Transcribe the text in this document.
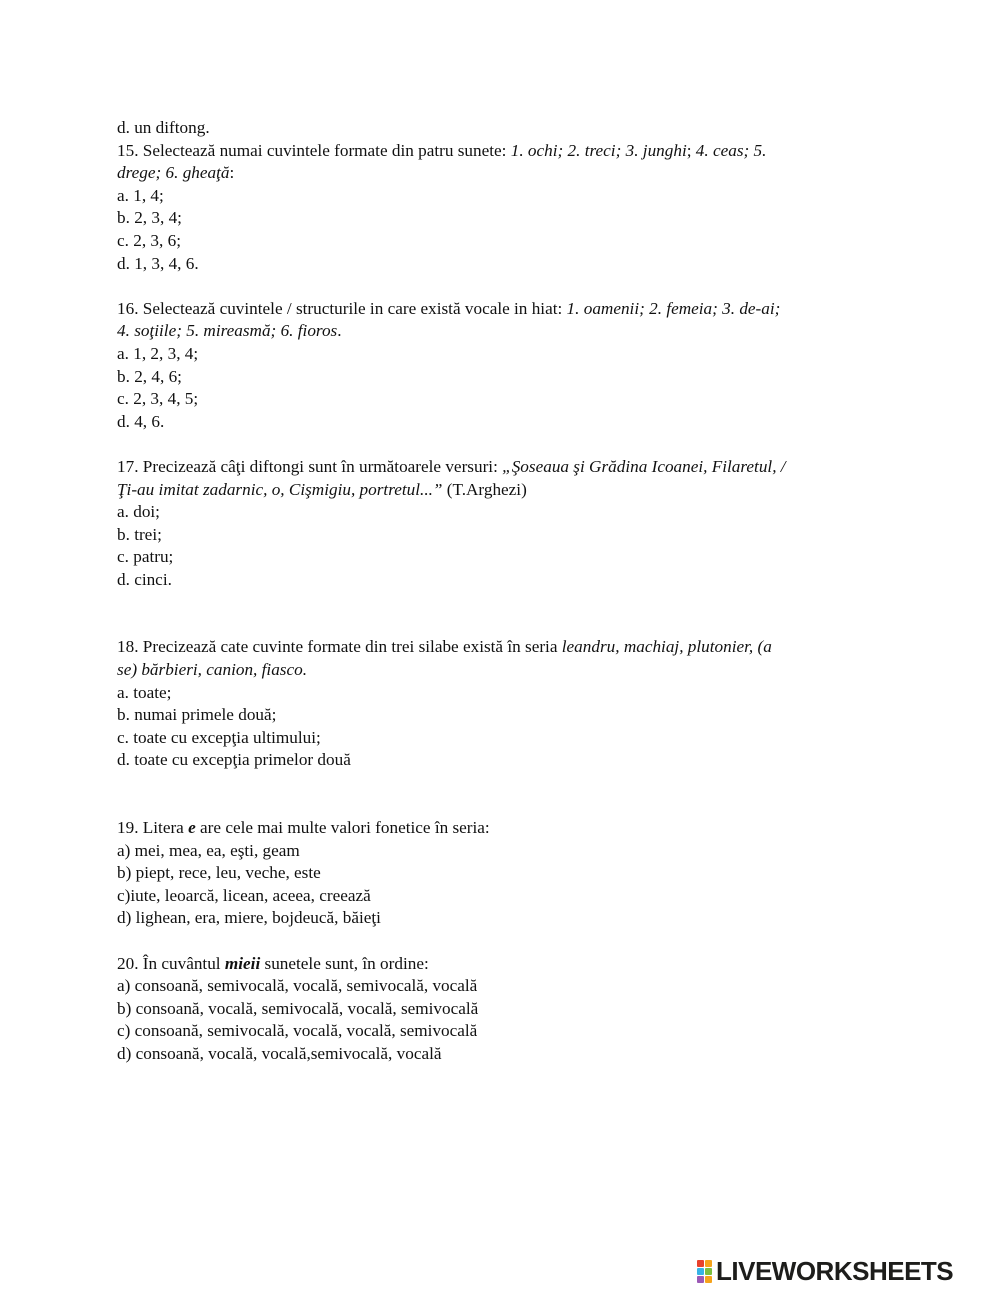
d. un diftong.
15. Selectează numai cuvintele formate din patru sunete: 1. ochi; 2. treci; 3. junghi; 4. ceas; 5.
drege; 6. gheaţă:
a. 1, 4;
b. 2, 3, 4;
c. 2, 3, 6;
d. 1, 3, 4, 6.
16. Selectează cuvintele / structurile in care există vocale in hiat: 1. oamenii; 2. femeia; 3. de-ai;
4. soţiile; 5. mireasmă; 6. fioros.
a. 1, 2, 3, 4;
b. 2, 4, 6;
c. 2, 3, 4, 5;
d. 4, 6.
17. Precizează câţi diftongi sunt în următoarele versuri: „Şoseaua şi Grădina Icoanei, Filaretul, /
Ţi-au imitat zadarnic, o, Cişmigiu, portretul...” (T.Arghezi)
a. doi;
b. trei;
c. patru;
d. cinci.
18. Precizează cate cuvinte formate din trei silabe există în seria leandru, machiaj, plutonier, (a
se) bărbieri, canion, fiasco.
a. toate;
b. numai primele două;
c. toate cu excepţia ultimului;
d. toate cu excepţia primelor două
19. Litera e are cele mai multe valori fonetice în seria:
a) mei, mea, ea, eşti, geam
b) piept, rece, leu, veche, este
c)iute, leoarcă, licean, aceea, creează
d) lighean, era, miere, bojdeucă, băieţi
20. În cuvântul mieii sunetele sunt, în ordine:
a) consoană, semivocală, vocală, semivocală, vocală
b) consoană, vocală, semivocală, vocală, semivocală
c) consoană, semivocală, vocală, vocală, semivocală
d) consoană, vocală, vocală,semivocală, vocală
LIVEWORKSHEETS
